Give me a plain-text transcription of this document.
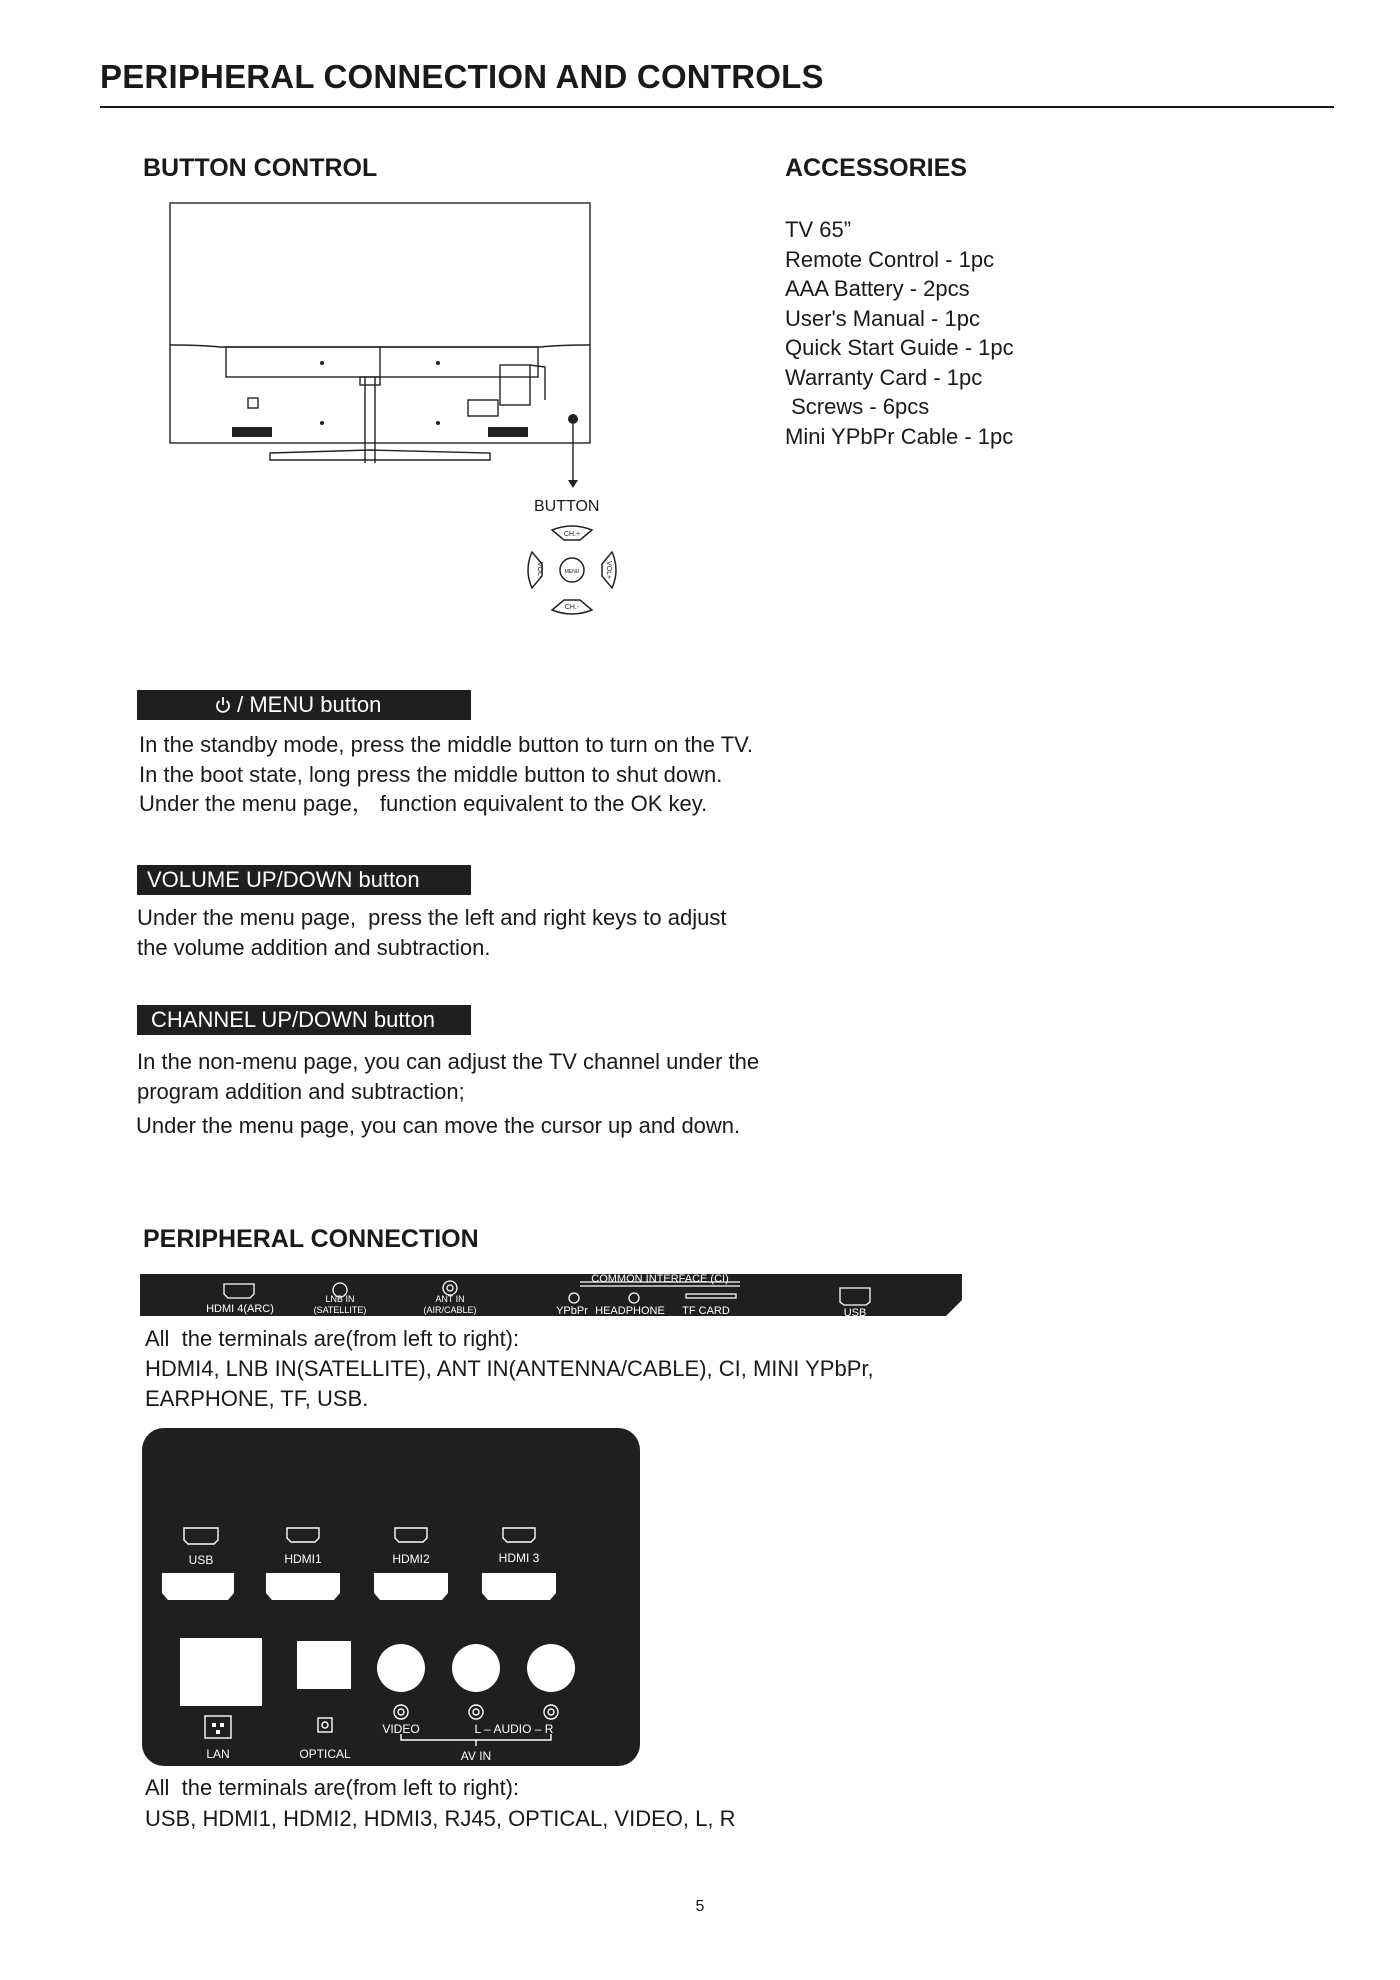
PERIPHERAL CONNECTION AND CONTROLS
BUTTON CONTROL	ACCESSORIES
BUTTON
CH.+
CH.-
MENU
VOL-	VOL+
TV 65”
Remote Control - 1pc
AAA Battery - 2pcs
User's Manual - 1pc
Quick Start Guide - 1pc
Warranty Card - 1pc
Screws - 6pcs
Mini YPbPr Cable - 1pc
/ MENU button
In the standby mode, press the middle button to turn on the TV.
In the boot state, long press the middle button to shut down.
Under the menu page， function equivalent to the OK key.
VOLUME UP/DOWN button
Under the menu page,  press the left and right keys to adjust
the volume addition and subtraction.
CHANNEL UP/DOWN button
In the non-menu page, you can adjust the TV channel under the
program addition and subtraction;
Under the menu page, you can move the cursor up and down.
PERIPHERAL CONNECTION
HDMI 4(ARC)
LNB IN
(SATELLITE)
ANT IN
(AIR/CABLE)
COMMON INTERFACE (CI)
YPbPr HEADPHONE TF CARD	USB
All  the terminals are(from left to right):
HDMI4, LNB IN(SATELLITE), ANT IN(ANTENNA/CABLE), CI, MINI YPbPr,
EARPHONE, TF, USB.
USB	HDMI1	HDMI2	HDMI 3
LAN	OPTICAL
VIDEO	L – AUDIO – R
AV IN
All  the terminals are(from left to right):
USB, HDMI1, HDMI2, HDMI3, RJ45, OPTICAL, VIDEO, L, R
5
